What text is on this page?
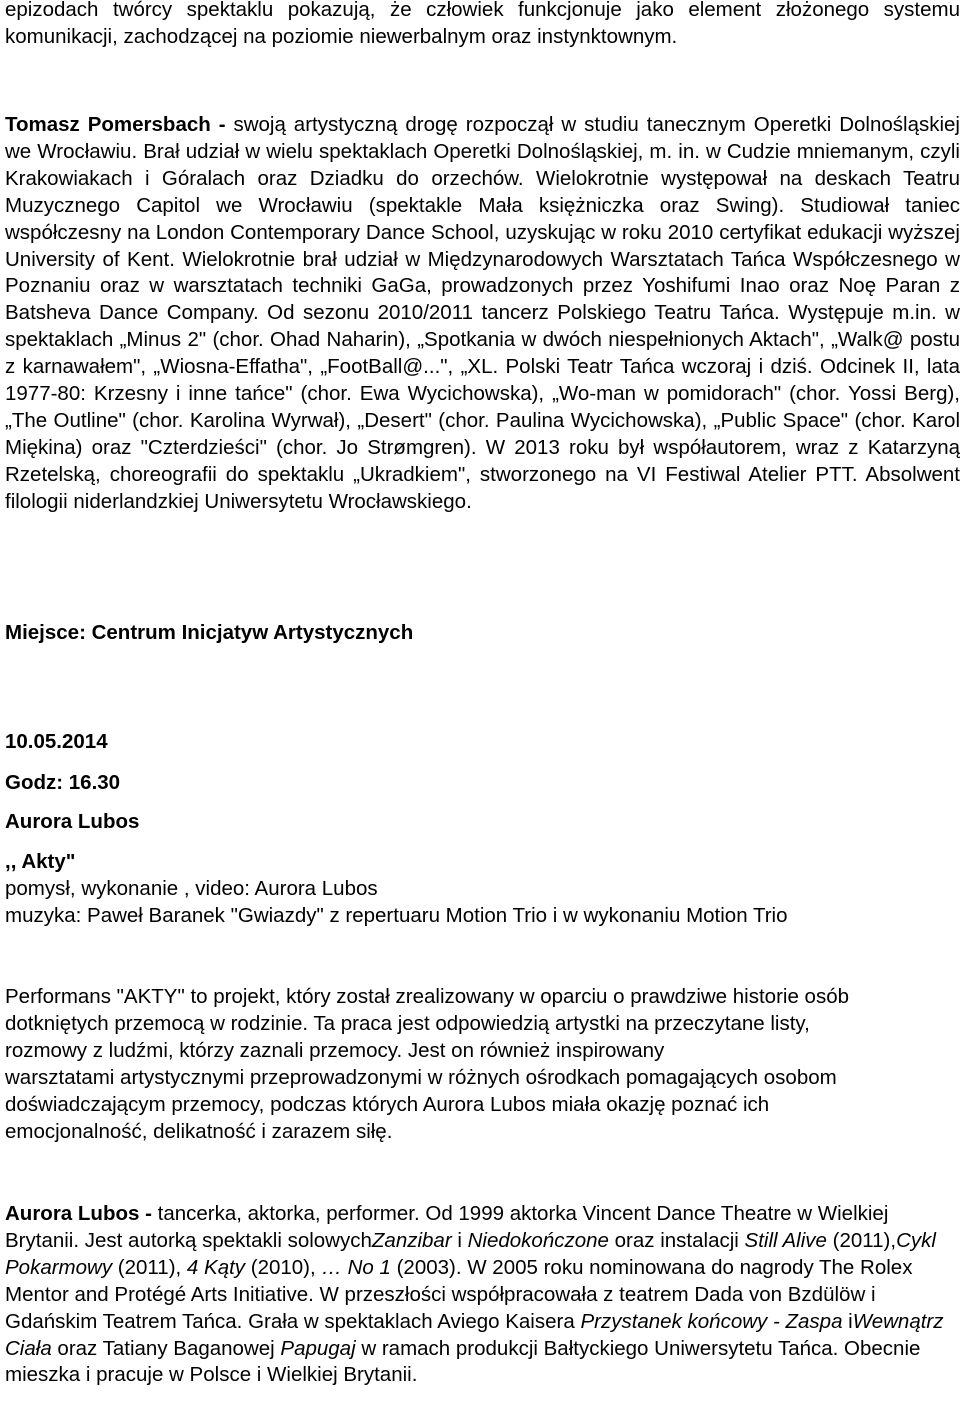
epizodach twórcy spektaklu pokazują, że człowiek funkcjonuje jako element złożonego systemu komunikacji, zachodzącej na poziomie niewerbalnym oraz instynktownym.

Tomasz Pomersbach - swoją artystyczną drogę rozpoczął w studiu tanecznym Operetki Dolnośląskiej we Wrocławiu. Brał udział w wielu spektaklach Operetki Dolnośląskiej, m. in. w Cudzie mniemanym, czyli Krakowiakach i Góralach oraz Dziadku do orzechów. Wielokrotnie występował na deskach Teatru Muzycznego Capitol we Wrocławiu (spektakle Mała księżniczka oraz Swing). Studiował taniec współczesny na London Contemporary Dance School, uzyskując w roku 2010 certyfikat edukacji wyższej University of Kent. Wielokrotnie brał udział w Międzynarodowych Warsztatach Tańca Współczesnego w Poznaniu oraz w warsztatach techniki GaGa, prowadzonych przez Yoshifumi Inao oraz Noę Paran z Batsheva Dance Company. Od sezonu 2010/2011 tancerz Polskiego Teatru Tańca. Występuje m.in. w spektaklach „Minus 2" (chor. Ohad Naharin), „Spotkania w dwóch niespełnionych Aktach", „Walk@ postu z karnawałem", „Wiosna-Effatha", „FootBall@...", „XL. Polski Teatr Tańca wczoraj i dziś. Odcinek II, lata 1977-80: Krzesny i inne tańce" (chor. Ewa Wycichowska), „Wo-man w pomidorach" (chor. Yossi Berg), „The Outline" (chor. Karolina Wyrwał), „Desert" (chor. Paulina Wycichowska), „Public Space" (chor. Karol Miękina) oraz "Czterdzieści" (chor. Jo Strømgren). W 2013 roku był współautorem, wraz z Katarzyną Rzetelską, choreografii do spektaklu „Ukradkiem", stworzonego na VI Festiwal Atelier PTT. Absolwent filologii niderlandzkiej Uniwersytetu Wrocławskiego.

Miejsce: Centrum Inicjatyw Artystycznych

10.05.2014

Godz: 16.30

Aurora Lubos

,, Akty"

pomysł, wykonanie , video: Aurora Lubos

muzyka: Paweł Baranek "Gwiazdy" z repertuaru Motion Trio i w wykonaniu Motion Trio

Performans "AKTY" to projekt, który został zrealizowany w oparciu o prawdziwe historie osób

dotkniętych przemocą w rodzinie. Ta praca jest odpowiedzią artystki na przeczytane listy,

rozmowy z ludźmi, którzy zaznali przemocy. Jest on również inspirowany

warsztatami artystycznymi przeprowadzonymi w różnych ośrodkach pomagających osobom

doświadczającym przemocy, podczas których Aurora Lubos miała okazję poznać ich

emocjonalność, delikatność i zarazem siłę.

Aurora Lubos - tancerka, aktorka, performer. Od 1999 aktorka Vincent Dance Theatre w Wielkiej Brytanii. Jest autorką spektakli solowychZanzibar i Niedokończone oraz instalacji Still Alive (2011),Cykl Pokarmowy (2011), 4 Kąty (2010), … No 1 (2003). W 2005 roku nominowana do nagrody The Rolex Mentor and Protégé Arts Initiative. W przeszłości współpracowała z teatrem Dada von Bzdülöw i Gdańskim Teatrem Tańca. Grała w spektaklach Aviego Kaisera Przystanek końcowy - Zaspa iWewnątrz Ciała oraz Tatiany Baganowej Papugaj w ramach produkcji Bałtyckiego Uniwersytetu Tańca. Obecnie mieszka i pracuje w Polsce i Wielkiej Brytanii.
